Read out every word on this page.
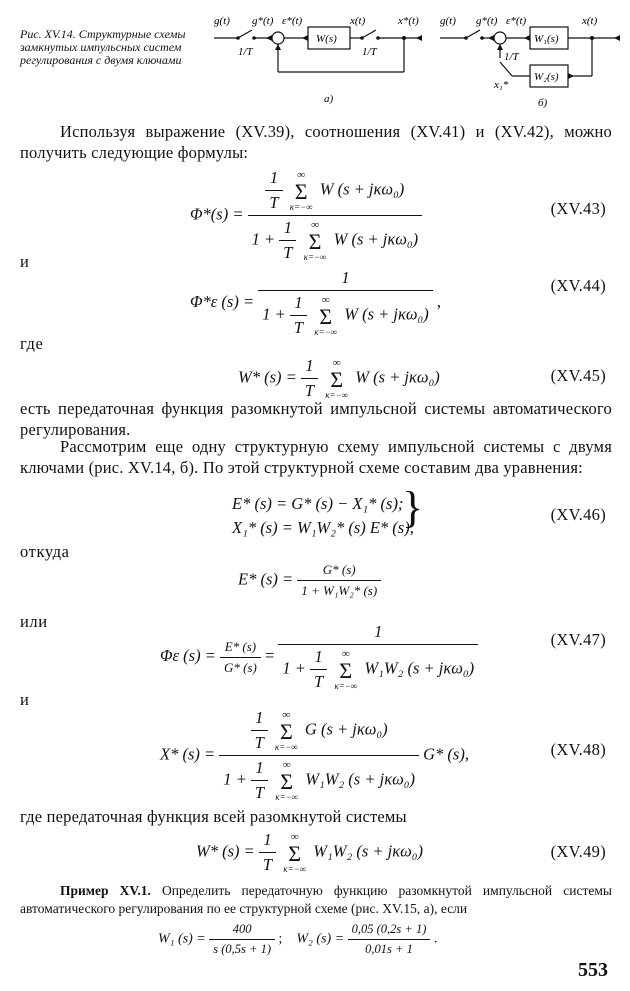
Рис. XV.14. Структурные схемы замкнутых импульсных систем регулирования с двумя ключами
g(t) g*(t) ε*(t)
W(s)
x(t)	x*(t)
1/T	1/T
а)
g(t) g*(t) ε*(t)
W₁(s)
W₂(s)
x(t)
1/T
x₁*
б)
Используя выражение (XV.39), соотношения (XV.41) и (XV.42), можно получить следующие формулы:
$\Phi*(s) = \frac{1}{T}$
	∞
Σ
κ=−∞
W (s + jκω₀)
$1 + \frac{1}{T}$
	∞
Σ
κ=−∞
W (s + jκω₀)	(XV.43)
и
Φ*ε (s) = 1
$1 + \frac{1}{T}$
	∞
Σ
κ=−∞
W (s + jκω₀) ,
(XV.44)
где
W* $(s) = \frac{1}{T}$
	∞
Σ
κ=−∞
W (s + jκω₀)	(XV.45)
есть передаточная функция разомкнутой импульсной системы автоматического регулирования.
Рассмотрим еще одну структурную схему импульсной системы с двумя ключами (рис. XV.14, б). По этой структурной схеме составим два уравнения:
E* (s) = G* (s) − X₁* (s);
X₁* (s) = W₁W₂* (s) E* (s),
}	(XV.46)
откуда
E* $(s) = \frac{G* (s)}{\text{1 + W₁W₂* (s)}}$
или
Φε $(s) = \frac{E* (s)}{G* (s)} = 1$
$1 + \frac{1}{T}$
	∞
Σ
κ=−∞
W₁W₂ (s + jκω₀)	(XV.47)
и
X* $(s) = \frac{1}{T}$
	∞
Σ
κ=−∞
G (s + jκω₀)
$1 + \frac{1}{T}$
	∞
Σ
κ=−∞
W₁W₂ (s + jκω₀) G* (s),	(XV.48)
где передаточная функция всей разомкнутой системы
W* $(s) = \frac{1}{T}$
	∞
Σ
κ=−∞
W₁W₂ (s + jκω₀)	(XV.49)
Пример XV.1. Определить передаточную функцию разомкнутой импульсной системы автоматического регулирования по ее структурной схеме (рис. XV.15, а), если
W₁ $(s) = \frac{400}{s (0,5s + 1)}$ ;    W₂ $(s) = \frac{0,05 (0,2s + 1)}{0,01s + 1}$ .
553
